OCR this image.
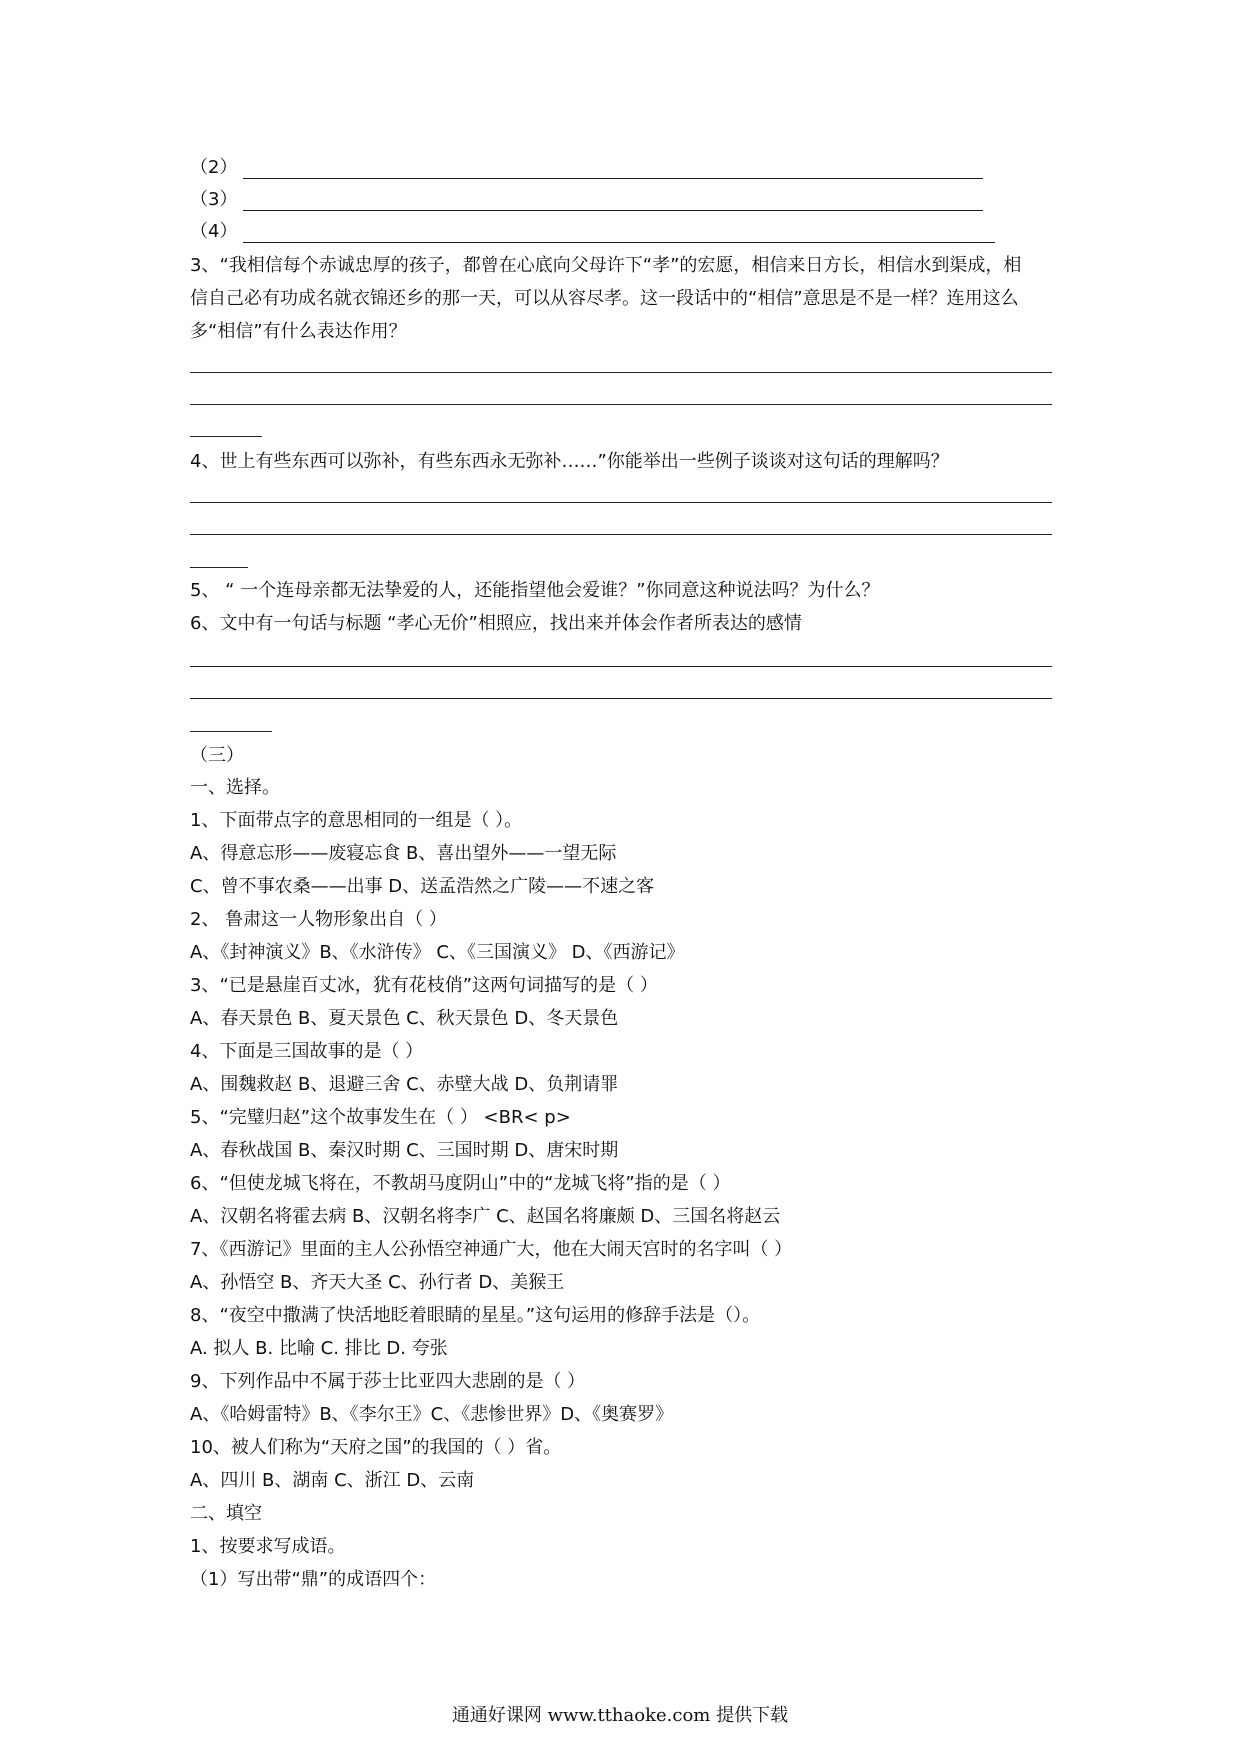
（2）
（3）
（4）
3、“我相信每个赤诚忠厚的孩子，都曾在心底向父母许下“孝”的宏愿，相信来日方长，相信水到渠成，相
信自己必有功成名就衣锦还乡的那一天，可以从容尽孝。这一段话中的“相信”意思是不是一样？连用这么
多“相信”有什么表达作用？
4、世上有些东西可以弥补，有些东西永无弥补……”你能举出一些例子谈谈对这句话的理解吗？
5、 “ 一个连母亲都无法挚爱的人，还能指望他会爱谁？”你同意这种说法吗？为什么？
6、文中有一句话与标题 “孝心无价”相照应，找出来并体会作者所表达的感情
（三）
一、选择。
1、下面带点字的意思相同的一组是（ ）。
A、得意忘形——废寝忘食 B、喜出望外——一望无际
C、曾不事农桑——出事 D、送孟浩然之广陵——不速之客
2、 鲁肃这一人物形象出自（ ）
A、《封神演义》B、《水浒传》 C、《三国演义》 D、《西游记》
3、“已是悬崖百丈冰，犹有花枝俏”这两句词描写的是（ ）
A、春天景色 B、夏天景色 C、秋天景色 D、冬天景色
4、下面是三国故事的是（ ）
A、围魏救赵 B、退避三舍 C、赤壁大战 D、负荆请罪
5、“完璧归赵”这个故事发生在（ ） <BR< p>
A、春秋战国 B、秦汉时期 C、三国时期 D、唐宋时期
6、“但使龙城飞将在，不教胡马度阴山”中的“龙城飞将”指的是（ ）
A、汉朝名将霍去病 B、汉朝名将李广 C、赵国名将廉颇 D、三国名将赵云
7、《西游记》里面的主人公孙悟空神通广大，他在大闹天宫时的名字叫（ ）
A、孙悟空 B、齐天大圣 C、孙行者 D、美猴王
8、“夜空中撒满了快活地眨着眼睛的星星。”这句运用的修辞手法是（）。
A. 拟人 B. 比喻 C. 排比 D. 夸张
9、下列作品中不属于莎士比亚四大悲剧的是（ ）
A、《哈姆雷特》B、《李尔王》C、《悲惨世界》D、《奥赛罗》
10、被人们称为“天府之国”的我国的（ ）省。
A、四川 B、湖南 C、浙江 D、云南
二、填空
1、按要求写成语。
（1）写出带“鼎”的成语四个：
通通好课网 www.tthaoke.com 提供下载
